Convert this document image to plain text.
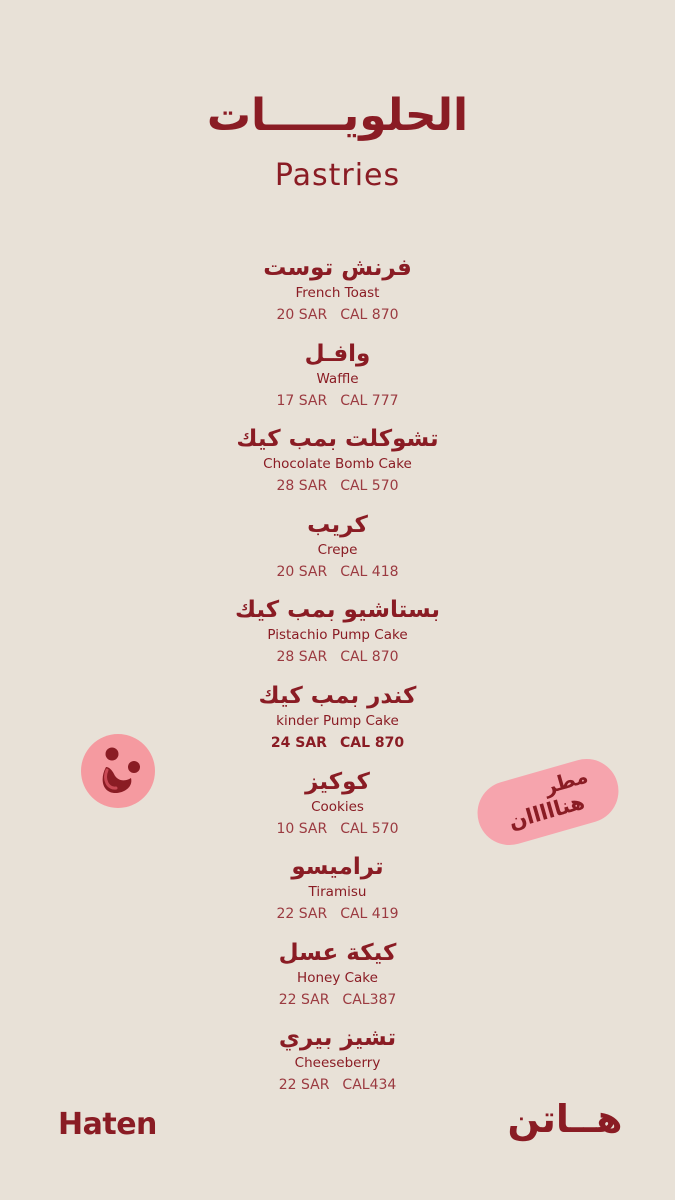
الحلويـــــات
Pastries
فرنش توست
French Toast
20 SAR CAL 870
وافـل
Waffle
17 SAR CAL 777
تشوكلت بمب كيك
Chocolate Bomb Cake
28 SAR CAL 570
كريب
Crepe
20 SAR CAL 418
بستاشيو بمب كيك
Pistachio Pump Cake
28 SAR CAL 870
كندر بمب كيك
kinder Pump Cake
24 SAR CAL 870
كوكيز
Cookies
10 SAR CAL 570
تراميسو
Tiramisu
22 SAR CAL 419
كيكة عسل
Honey Cake
22 SAR CAL387
تشيز بيري
Cheeseberry
22 SAR CAL434
مطر
هنااااان
Haten	هــاتن
